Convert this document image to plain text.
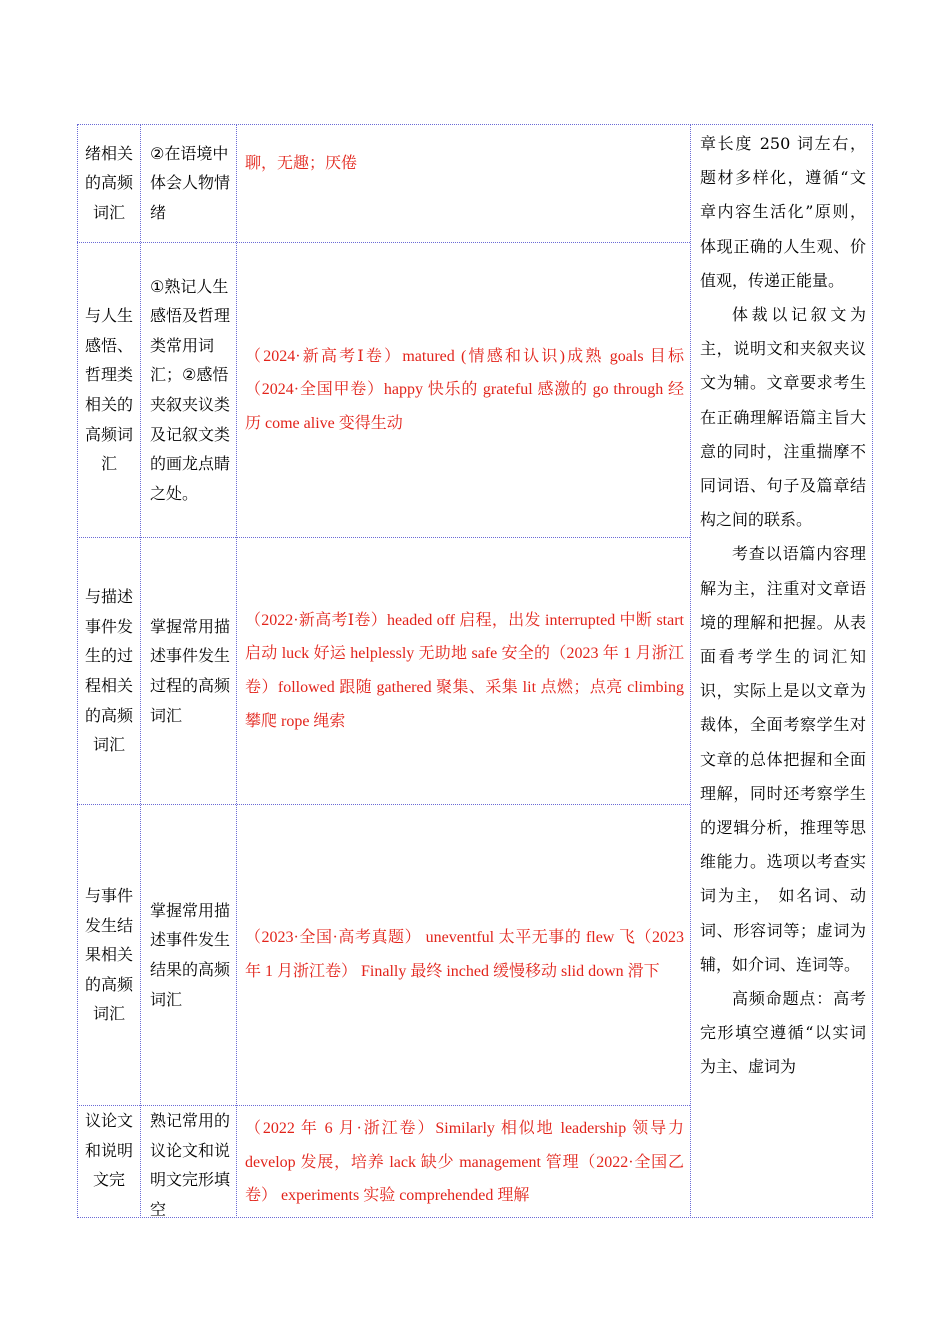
绪相关的高频词汇
②在语境中体会人物情绪
聊，无趣；厌倦
与人生感悟、哲理类相关的高频词汇
①熟记人生感悟及哲理类常用词汇；②感悟夹叙夹议类及记叙文类的画龙点睛之处。
（2024·新高考Ⅰ卷）matured (情感和认识)成熟 goals 目标（2024·全国甲卷）happy 快乐的 grateful 感激的 go through 经历 come alive 变得生动
与描述事件发生的过程相关的高频词汇
掌握常用描述事件发生过程的高频词汇
（2022·新高考Ⅰ卷）headed off 启程，出发 interrupted 中断 start 启动 luck 好运 helplessly 无助地 safe 安全的（2023 年 1 月浙江卷）followed 跟随 gathered 聚集、采集 lit 点燃；点亮 climbing 攀爬 rope 绳索
与事件发生结果相关的高频词汇
掌握常用描述事件发生结果的高频词汇
（2023·全国·高考真题） uneventful 太平无事的 flew 飞（2023 年 1 月浙江卷） Finally 最终 inched 缓慢移动 slid down 滑下
议论文和说明文完
熟记常用的议论文和说明文完形填空
（2022 年 6 月·浙江卷）Similarly 相似地 leadership 领导力 develop 发展，培养 lack 缺少 management 管理（2022·全国乙卷） experiments 实验 comprehended 理解

章长度 250 词左右，题材多样化，遵循“文章内容生活化”原则，体现正确的人生观、价值观，传递正能量。

体裁以记叙文为主，说明文和夹叙夹议文为辅。文章要求考生在正确理解语篇主旨大意的同时，注重揣摩不同词语、句子及篇章结构之间的联系。

考查以语篇内容理解为主，注重对文章语境的理解和把握。从表面看考学生的词汇知识，实际上是以文章为裁体，全面考察学生对文章的总体把握和全面理解，同时还考察学生的逻辑分析，推理等思维能力。选项以考查实词为主， 如名词、动词、形容词等；虚词为辅，如介词、连词等。

高频命题点：高考完形填空遵循“以实词为主、虚词为
